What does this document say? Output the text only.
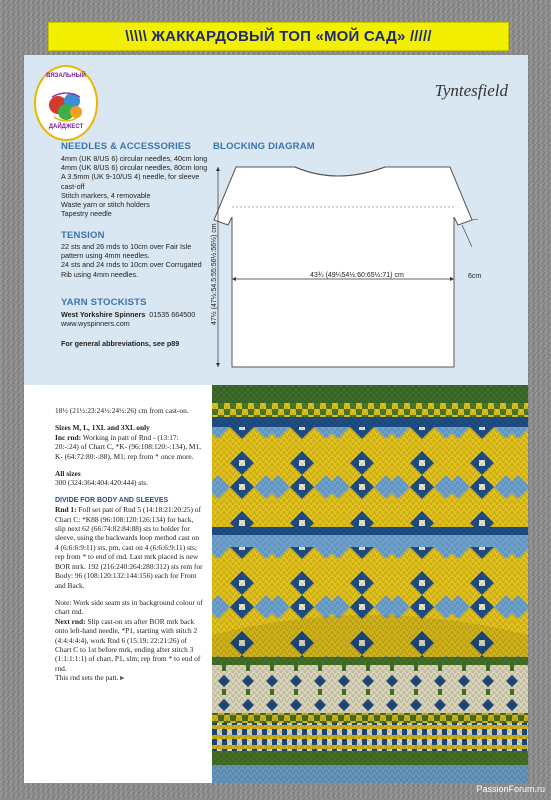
\\\\\ ЖАККАРДОВЫЙ ТОП «МОЙ САД» /////
ВЯЗАЛЬНЫЙ
ДАЙДЖЕСТ
Tyntesfield
NEEDLES & ACCESSORIES
4mm (UK 8/US 6) circular needles, 40cm long
4mm (UK 8/US 6) circular needles, 80cm long
A 3.5mm (UK 9-10/US 4) needle, for sleeve
cast-off
Stitch markers, 4 removable
Waste yarn or stitch holders
Tapestry needle
TENSION
22 sts and 26 rnds to 10cm over Fair Isle
pattern using 4mm needles.
24 sts and 24 rnds to 10cm over Corrugated
Rib using 4mm needles.
YARN STOCKISTS
West Yorkshire Spinners 01535 664500
www.wyspinners.com
For general abbreviations, see p89
BLOCKING DIAGRAM
43¾ (49¼54½:60:65½:71) cm
47½ (47½:54.5:55:56½:56½) cm	6cm

18½ (21½:23:24½:24½:26) cm from cast-on.

Sizes M, L, 1XL and 3XL only

Inc rnd: Working in patt of Rnd - (13:17: 20:-:24) of Chart C, *K- (96:108:120:-:134), M1, K- (64:72:80:-:88), M1; rep from * once more.

All sizes

300 (324:364:404:420:444) sts.

DIVIDE FOR BODY AND SLEEVES

Rnd 1: Foll set patt of Rnd 5 (14:18:21:20:25) of Chart C: *K88 (96:108:120:126:134) for back, slip next 62 (66:74:82:84:88) sts to holder for sleeve, using the backwards loop method cast on 4 (6:6:6:9:11) sts, pm, cast on 4 (6:6:6:9:11) sts; rep from * to end of rnd. Last mrk placed is new BOR mrk. 192 (216:240:264:288:312) sts rem for Body: 96 (108:120:132:144:156) each for Front and Back.

Note: Work side seam sts in background colour of chart rnd.

Next rnd: Slip cast-on sts after BOR mrk back onto left-hand needle, *P1, starting with stitch 2 (4:4:4:4:4), work Rnd 6 (15:19: 22:21:26) of Chart C to 1st before mrk, ending after stitch 3 (1:1:1:1:1) of chart, P1, slm; rep from * to end of rnd.

This rnd sets the patt. ▸

PassionForum.ru
